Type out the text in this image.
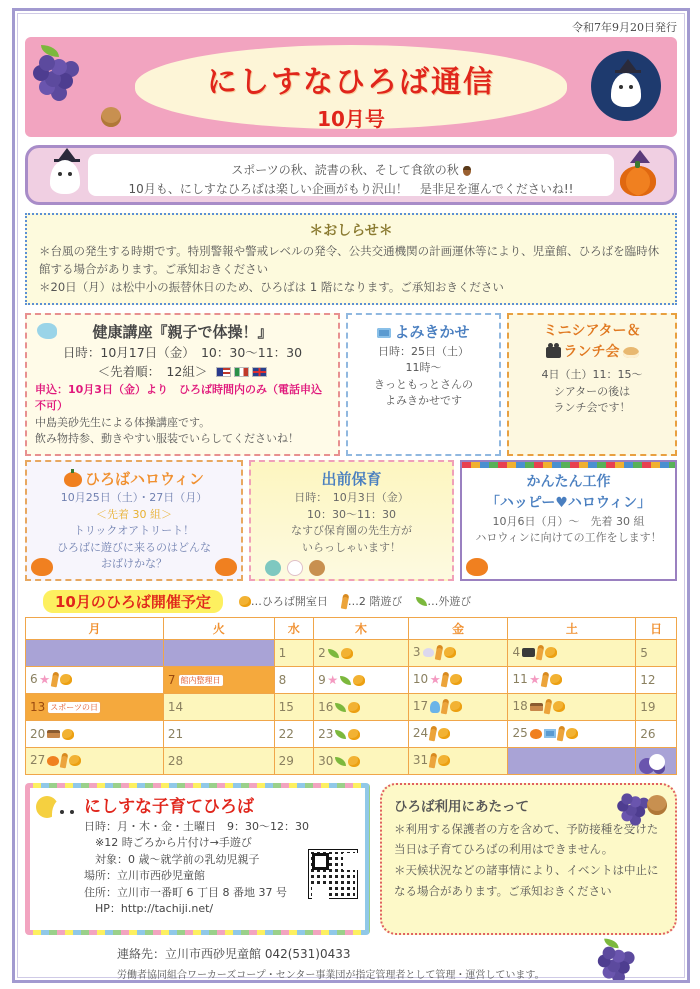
令和7年9月20日発行
にしすなひろば通信
10月号
スポーツの秋、読書の秋、そして食欲の秋
10月も、にしすなひろばは楽しい企画がもり沢山！　是非足を運んでくださいね!!
＊おしらせ＊
＊台風の発生する時期です。特別警報や警戒レベルの発令、公共交通機関の計画運休等により、児童館、ひろばを臨時休館する場合があります。ご承知おきください
＊20日（月）は松中小の振替休日のため、ひろばは 1 階になります。ご承知おきください
健康講座『親子で体操！』
日時：10月17日（金）　10：30～11：30
＜先着順：　12組＞
申込：10月3日（金）より　ひろば時間内のみ（電話申込不可）
中島美砂先生による体操講座です。
飲み物持参、動きやすい服装でいらしてくださいね！
よみきかせ
日時：25日（土）
11時～
きっともっとさんの
よみきかせです
ミニシアター＆
ランチ会
4日（土）11：15～
シアターの後は
ランチ会です！
ひろばハロウィン
10月25日（土）・27日（月）
＜先着 30 組＞
トリックオアトリート！
ひろばに遊びに来るのはどんな
おばけかな？
出前保育
日時：　10月3日（金）
10：30～11：30
なすび保育園の先生方が
いらっしゃいます！
かんたん工作
「ハッピー♥ハロウィン」
10月6日（月）～　先着 30 組
ハロウィンに向けての工作をします！
10月のひろば開催予定	…ひろば開室日 …2 階遊び …外遊び
月	火	水	木	金	土	日
		1	2	3	4	5
6	7 館内整理日	8	9	10	11	12
13 スポーツの日	14	15	16	17	18	19
20	21	22	23	24	25	26
27	28	29	30	31		
にしすな子育てひろば
日時：月・木・金・土曜日　9：30～12：30
　※12 時ごろから片付け→手遊び
　対象：0 歳～就学前の乳幼児親子
場所：立川市西砂児童館
住所：立川市一番町 6 丁目 8 番地 37 号
　HP：http://tachiji.net/
ひろば利用にあたって
＊利用する保護者の方を含めて、予防接種を受けた当日は子育てひろばの利用はできません。
＊天候状況などの諸事情により、イベントは中止になる場合があります。ご承知おきください
連絡先：立川市西砂児童館 042(531)0433
労働者協同組合ワーカーズコープ・センター事業団が指定管理者として管理・運営しています。
